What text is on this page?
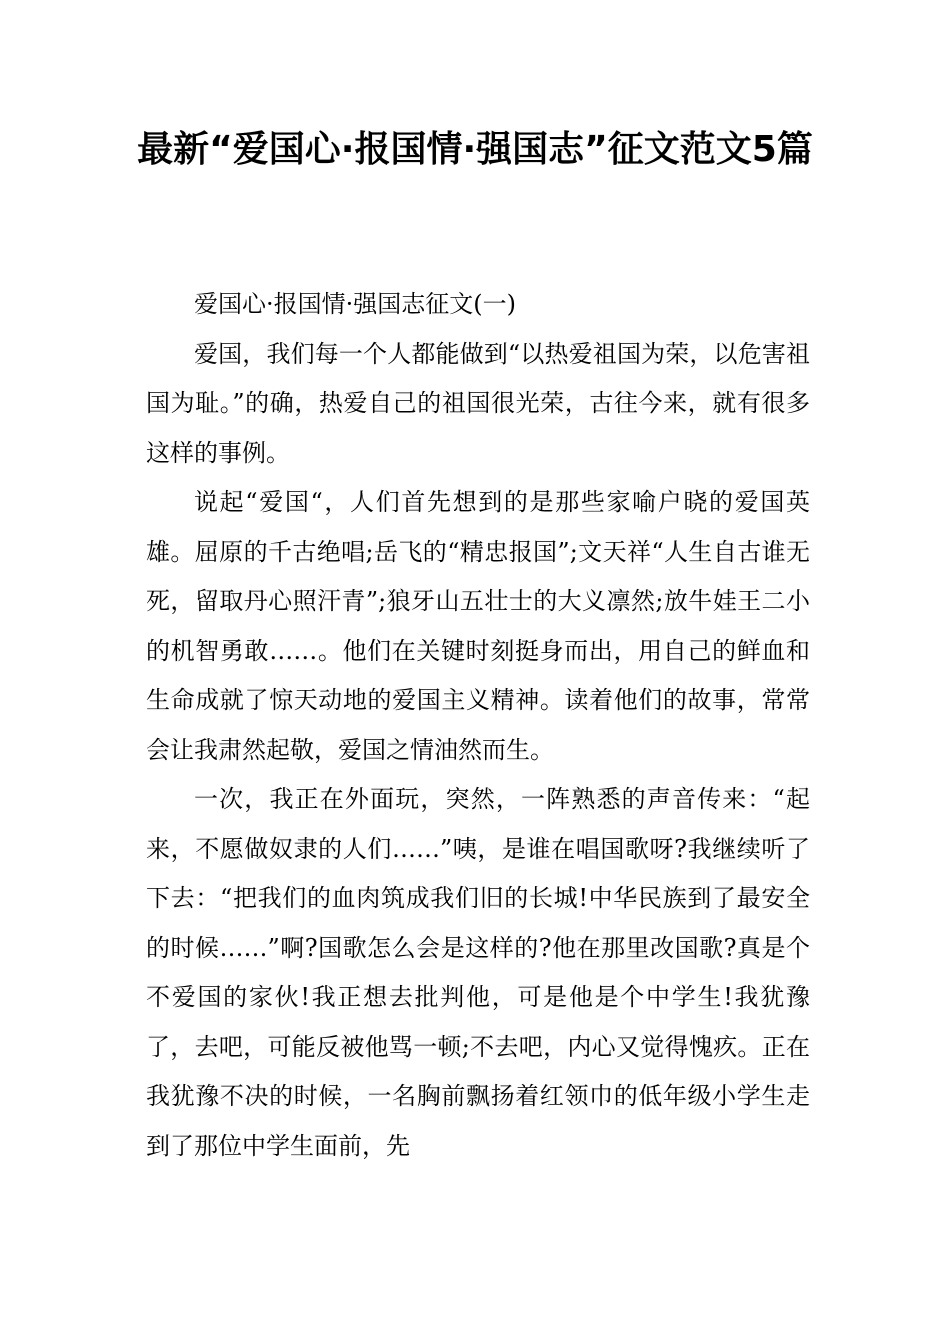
最新“爱国心·报国情·强国志”征文范文5篇

爱国心·报国情·强国志征文(一)

爱国，我们每一个人都能做到“以热爱祖国为荣，以危害祖国为耻。”的确，热爱自己的祖国很光荣，古往今来，就有很多这样的事例。

说起“爱国“，人们首先想到的是那些家喻户晓的爱国英雄。屈原的千古绝唱;岳飞的“精忠报国”;文天祥“人生自古谁无死，留取丹心照汗青”;狼牙山五壮士的大义凛然;放牛娃王二小的机智勇敢……。他们在关键时刻挺身而出，用自己的鲜血和生命成就了惊天动地的爱国主义精神。读着他们的故事，常常会让我肃然起敬，爱国之情油然而生。

一次，我正在外面玩，突然，一阵熟悉的声音传来：“起来，不愿做奴隶的人们……”咦，是谁在唱国歌呀?我继续听了下去：“把我们的血肉筑成我们旧的长城!中华民族到了最安全的时候……”啊?国歌怎么会是这样的?他在那里改国歌?真是个不爱国的家伙!我正想去批判他，可是他是个中学生!我犹豫了，去吧，可能反被他骂一顿;不去吧，内心又觉得愧疚。正在我犹豫不决的时候，一名胸前飘扬着红领巾的低年级小学生走到了那位中学生面前，先
